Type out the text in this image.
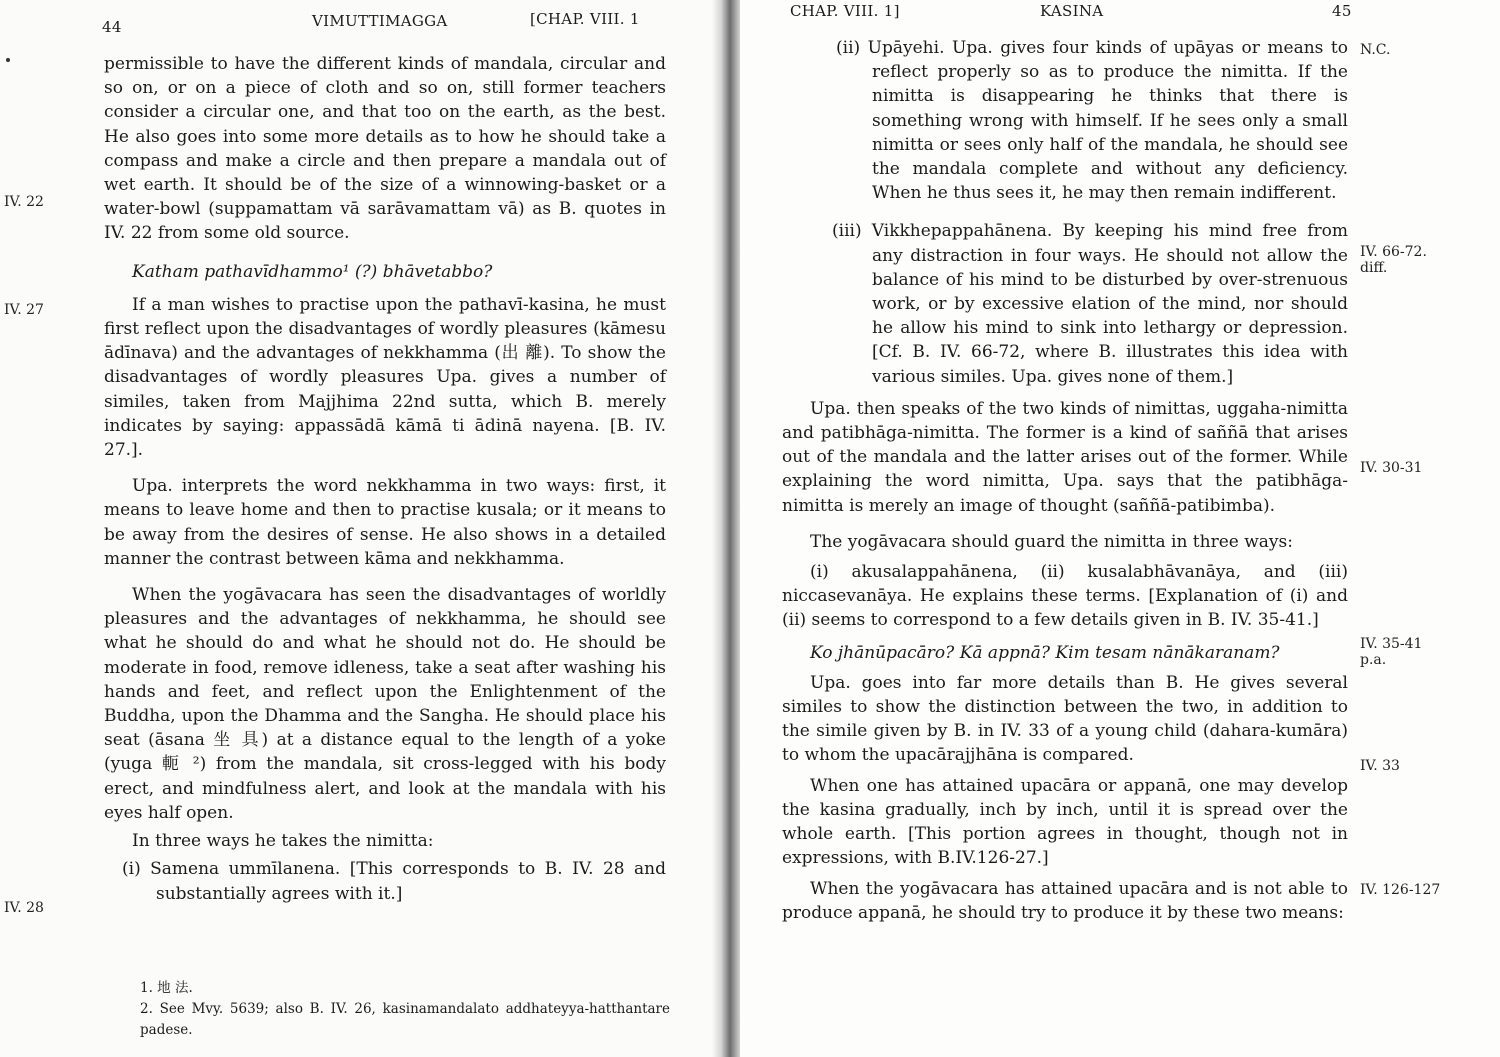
44	VIMUTTIMAGGA	[CHAP. VIII. 1
IV. 22
IV. 27
IV. 28

permissible to have the different kinds of mandala, circular and so on, or on a piece of cloth and so on, still former teachers consider a circular one, and that too on the earth, as the best. He also goes into some more details as to how he should take a compass and make a circle and then prepare a mandala out of wet earth. It should be of the size of a winnowing-basket or a water-bowl (suppamattam vā sarāvamattam vā) as B. quotes in IV. 22 from some old source.

Katham pathavīdhammo¹ (?) bhāvetabbo?

If a man wishes to practise upon the pathavī-kasina, he must first reflect upon the disadvantages of wordly pleasures (kāmesu ādīnava) and the advantages of nekkhamma (出 離). To show the disadvantages of wordly pleasures Upa. gives a number of similes, taken from Majjhima 22nd sutta, which B. merely indicates by saying: appassādā kāmā ti ādinā nayena. [B. IV. 27.].

Upa. interprets the word nekkhamma in two ways: first, it means to leave home and then to practise kusala; or it means to be away from the desires of sense. He also shows in a detailed manner the contrast between kāma and nekkhamma.

When the yogāvacara has seen the disadvantages of worldly pleasures and the advantages of nekkhamma, he should see what he should do and what he should not do. He should be moderate in food, remove idleness, take a seat after washing his hands and feet, and reflect upon the Enlightenment of the Buddha, upon the Dhamma and the Sangha. He should place his seat (āsana 坐 具) at a distance equal to the length of a yoke (yuga 軛 ²) from the mandala, sit cross-legged with his body erect, and mindfulness alert, and look at the mandala with his eyes half open.

In three ways he takes the nimitta:

(i) Samena ummīlanena. [This corresponds to B. IV. 28 and substantially agrees with it.]

1. 地 法.
2. See Mvy. 5639; also B. IV. 26, kasinamandalato addhateyya-hatthantare padese.
CHAP. VIII. 1]	KASINA	45

(ii) Upāyehi. Upa. gives four kinds of upāyas or means to reflect properly so as to produce the nimitta. If the nimitta is disappearing he thinks that there is something wrong with himself. If he sees only a small nimitta or sees only half of the mandala, he should see the mandala complete and without any deficiency. When he thus sees it, he may then remain indifferent.

(iii) Vikkhepappahānena. By keeping his mind free from any distraction in four ways. He should not allow the balance of his mind to be disturbed by over-strenuous work, or by excessive elation of the mind, nor should he allow his mind to sink into lethargy or depression. [Cf. B. IV. 66-72, where B. illustrates this idea with various similes. Upa. gives none of them.]

Upa. then speaks of the two kinds of nimittas, uggaha-nimitta and patibhāga-nimitta. The former is a kind of saññā that arises out of the mandala and the latter arises out of the former. While explaining the word nimitta, Upa. says that the patibhāga-nimitta is merely an image of thought (saññā-patibimba).

The yogāvacara should guard the nimitta in three ways:

(i) akusalappahānena, (ii) kusalabhāvanāya, and (iii) niccasevanāya. He explains these terms. [Explanation of (i) and (ii) seems to correspond to a few details given in B. IV. 35-41.]

Ko jhānūpacāro? Kā appnā? Kim tesam nānākaranam?

Upa. goes into far more details than B. He gives several similes to show the distinction between the two, in addition to the simile given by B. in IV. 33 of a young child (dahara-kumāra) to whom the upacārajjhāna is compared.

When one has attained upacāra or appanā, one may develop the kasina gradually, inch by inch, until it is spread over the whole earth. [This portion agrees in thought, though not in expressions, with B.IV.126-27.]

When the yogāvacara has attained upacāra and is not able to produce appanā, he should try to produce it by these two means:

N.C.
IV. 66-72. diff.
IV. 30-31
IV. 35-41 p.a.
IV. 33
IV. 126-127
